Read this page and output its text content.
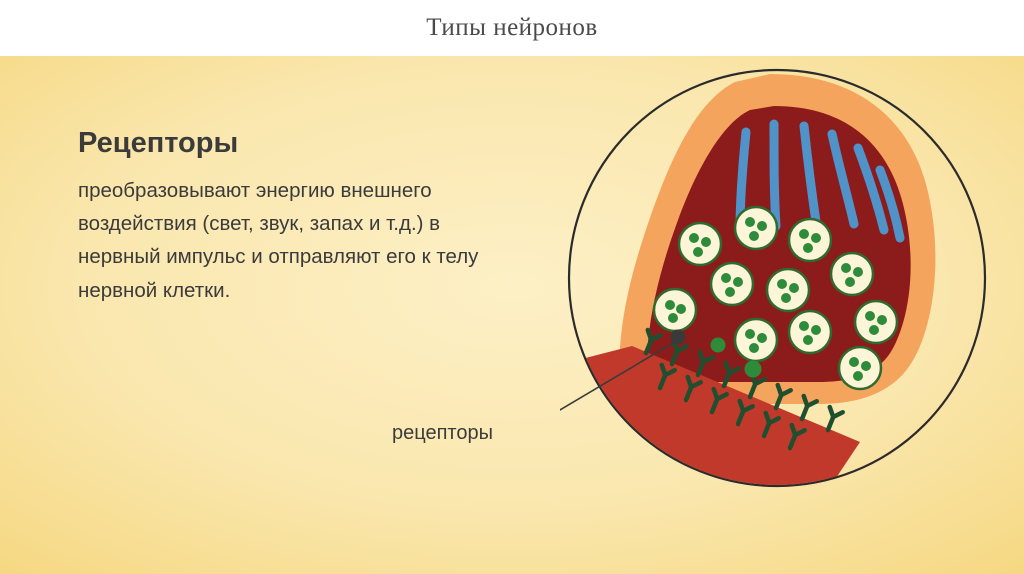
Типы нейронов
Рецепторы

преобразовывают энергию внешнего воздействия (свет, звук, запах и т.д.) в нервный импульс и отправляют его к телу нервной клетки.

рецепторы
